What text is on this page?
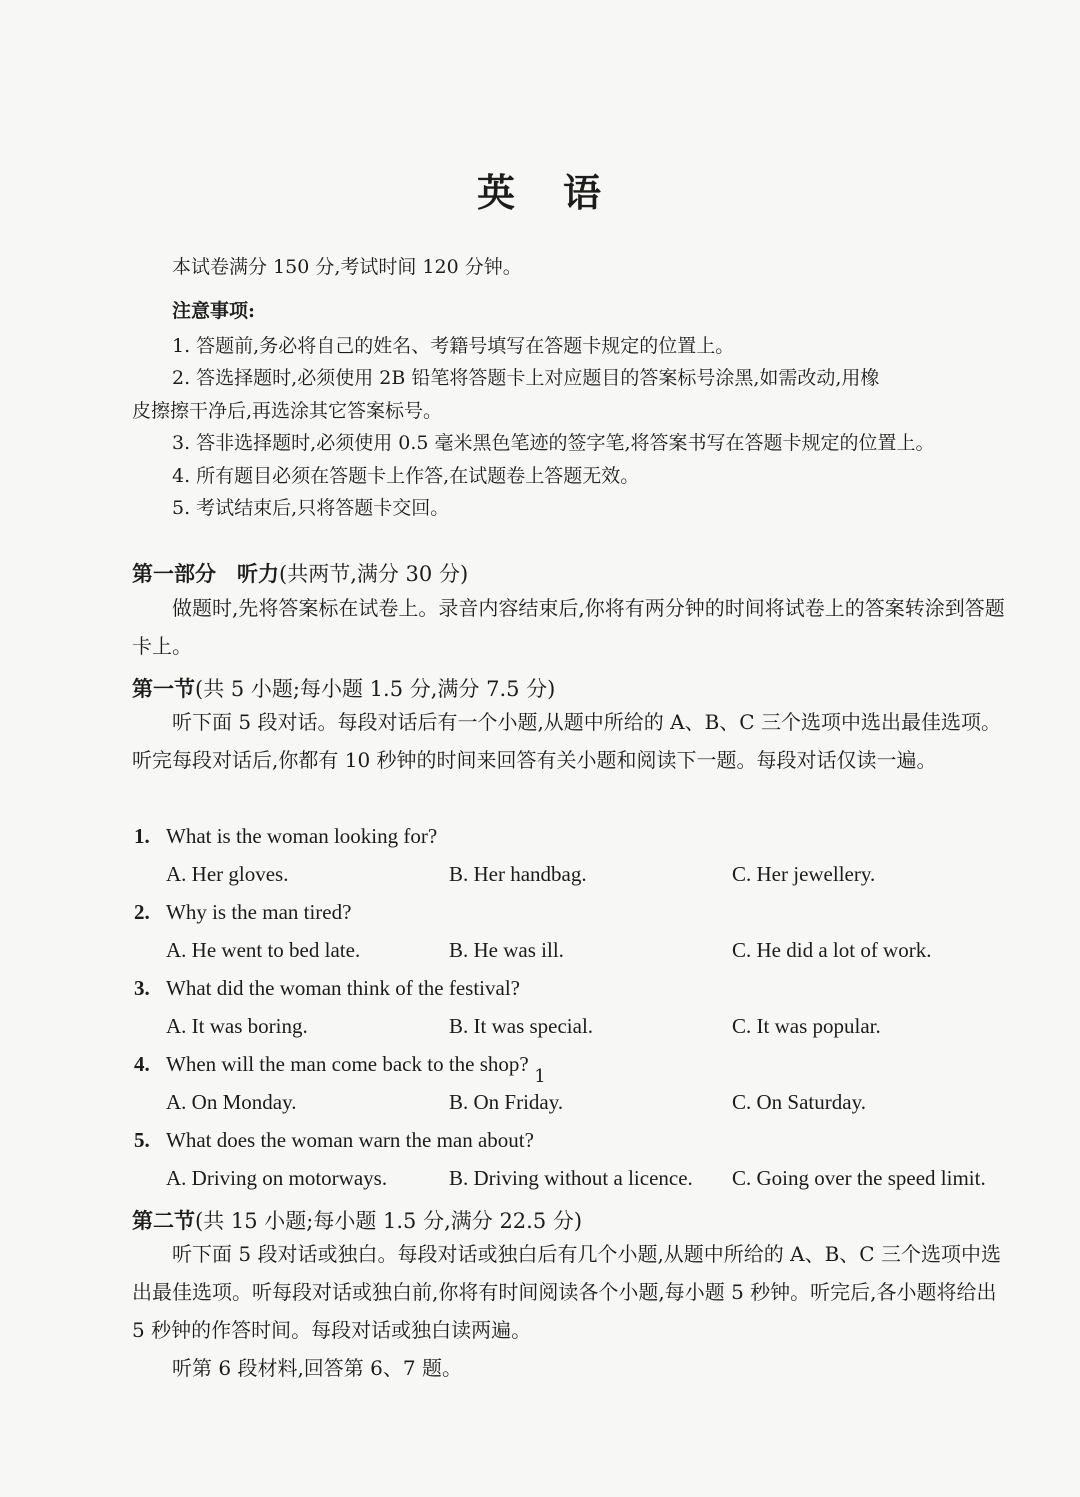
英 语

本试卷满分 150 分,考试时间 120 分钟。

注意事项:

1. 答题前,务必将自己的姓名、考籍号填写在答题卡规定的位置上。

2. 答选择题时,必须使用 2B 铅笔将答题卡上对应题目的答案标号涂黑,如需改动,用橡

皮擦擦干净后,再选涂其它答案标号。

3. 答非选择题时,必须使用 0.5 毫米黑色笔迹的签字笔,将答案书写在答题卡规定的位置上。

4. 所有题目必须在答题卡上作答,在试题卷上答题无效。

5. 考试结束后,只将答题卡交回。

第一部分　听力(共两节,满分 30 分)

做题时,先将答案标在试卷上。录音内容结束后,你将有两分钟的时间将试卷上的答案转涂到答题卡上。

第一节(共 5 小题;每小题 1.5 分,满分 7.5 分)

听下面 5 段对话。每段对话后有一个小题,从题中所给的 A、B、C 三个选项中选出最佳选项。听完每段对话后,你都有 10 秒钟的时间来回答有关小题和阅读下一题。每段对话仅读一遍。

1. What is the woman looking for?

A. Her gloves.	B. Her handbag.	C. Her jewellery.

2. Why is the man tired?

A. He went to bed late.	B. He was ill.	C. He did a lot of work.

3. What did the woman think of the festival?

A. It was boring.	B. It was special.	C. It was popular.

4. When will the man come back to the shop?

A. On Monday.	B. On Friday.	C. On Saturday.

5. What does the woman warn the man about?

A. Driving on motorways.	B. Driving without a licence. C. Going over the speed limit.

第二节(共 15 小题;每小题 1.5 分,满分 22.5 分)

听下面 5 段对话或独白。每段对话或独白后有几个小题,从题中所给的 A、B、C 三个选项中选出最佳选项。听每段对话或独白前,你将有时间阅读各个小题,每小题 5 秒钟。听完后,各小题将给出 5 秒钟的作答时间。每段对话或独白读两遍。

听第 6 段材料,回答第 6、7 题。

1
